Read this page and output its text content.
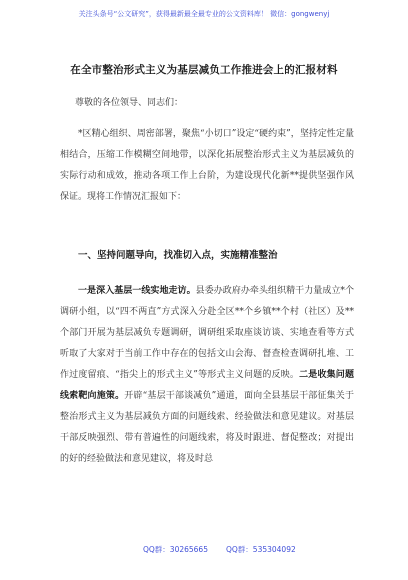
关注头条号“公文研究”，获得最新最全最专业的公文资料库！ 微信：gongwenyj
在全市整治形式主义为基层减负工作推进会上的汇报材料
尊敬的各位领导、同志们：

*区精心组织、周密部署，聚焦“小切口”设定“硬约束”，坚持定性定量相结合，压缩工作模糊空间地带，以深化拓展整治形式主义为基层减负的实际行动和成效，推动各项工作上台阶，为建设现代化新**提供坚强作风保证。现将工作情况汇报如下：

一、坚持问题导向，找准切入点，实施精准整治

一是深入基层一线实地走访。县委办政府办牵头组织精干力量成立*个调研小组，以“四不两直”方式深入分赴全区**个乡镇**个村（社区）及**个部门开展为基层减负专题调研，调研组采取座谈访谈、实地查看等方式听取了大家对于当前工作中存在的包括文山会海、督查检查调研扎堆、工作过度留痕、“指尖上的形式主义”等形式主义问题的反映。二是收集问题线索靶向施策。开辟“基层干部谈减负”通道，面向全县基层干部征集关于整治形式主义为基层减负方面的问题线索、经验做法和意见建议。对基层干部反映强烈、带有普遍性的问题线索，将及时跟进、督促整改；对提出的好的经验做法和意见建议，将及时总

QQ群：30265665 QQ群：535304092
